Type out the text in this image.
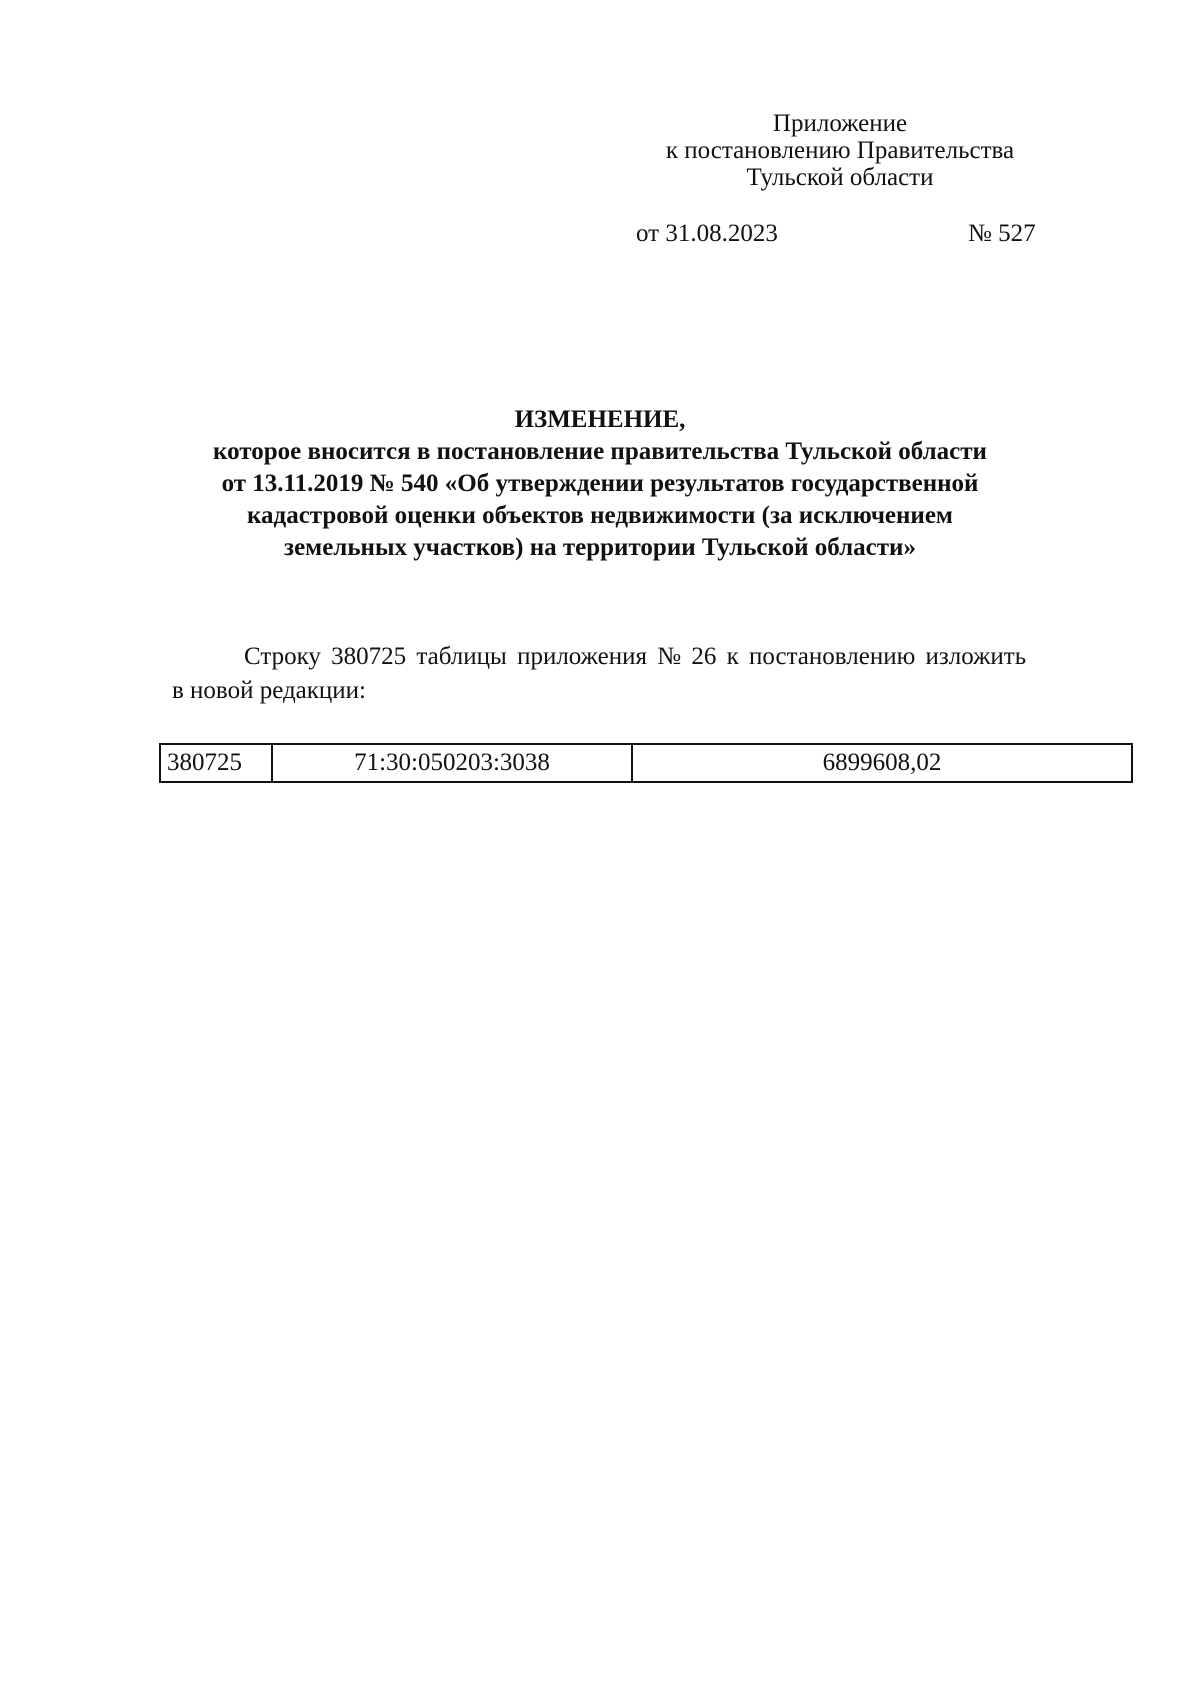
Приложение
к постановлению Правительства
Тульской области
от 31.08.2023	№ 527
ИЗМЕНЕНИЕ,
которое вносится в постановление правительства Тульской области
от 13.11.2019 № 540 «Об утверждении результатов государственной
кадастровой оценки объектов недвижимости (за исключением
земельных участков) на территории Тульской области»
Строку 380725 таблицы приложения № 26 к постановлению изложить
в новой редакции:
380725	71:30:050203:3038	6899608,02
